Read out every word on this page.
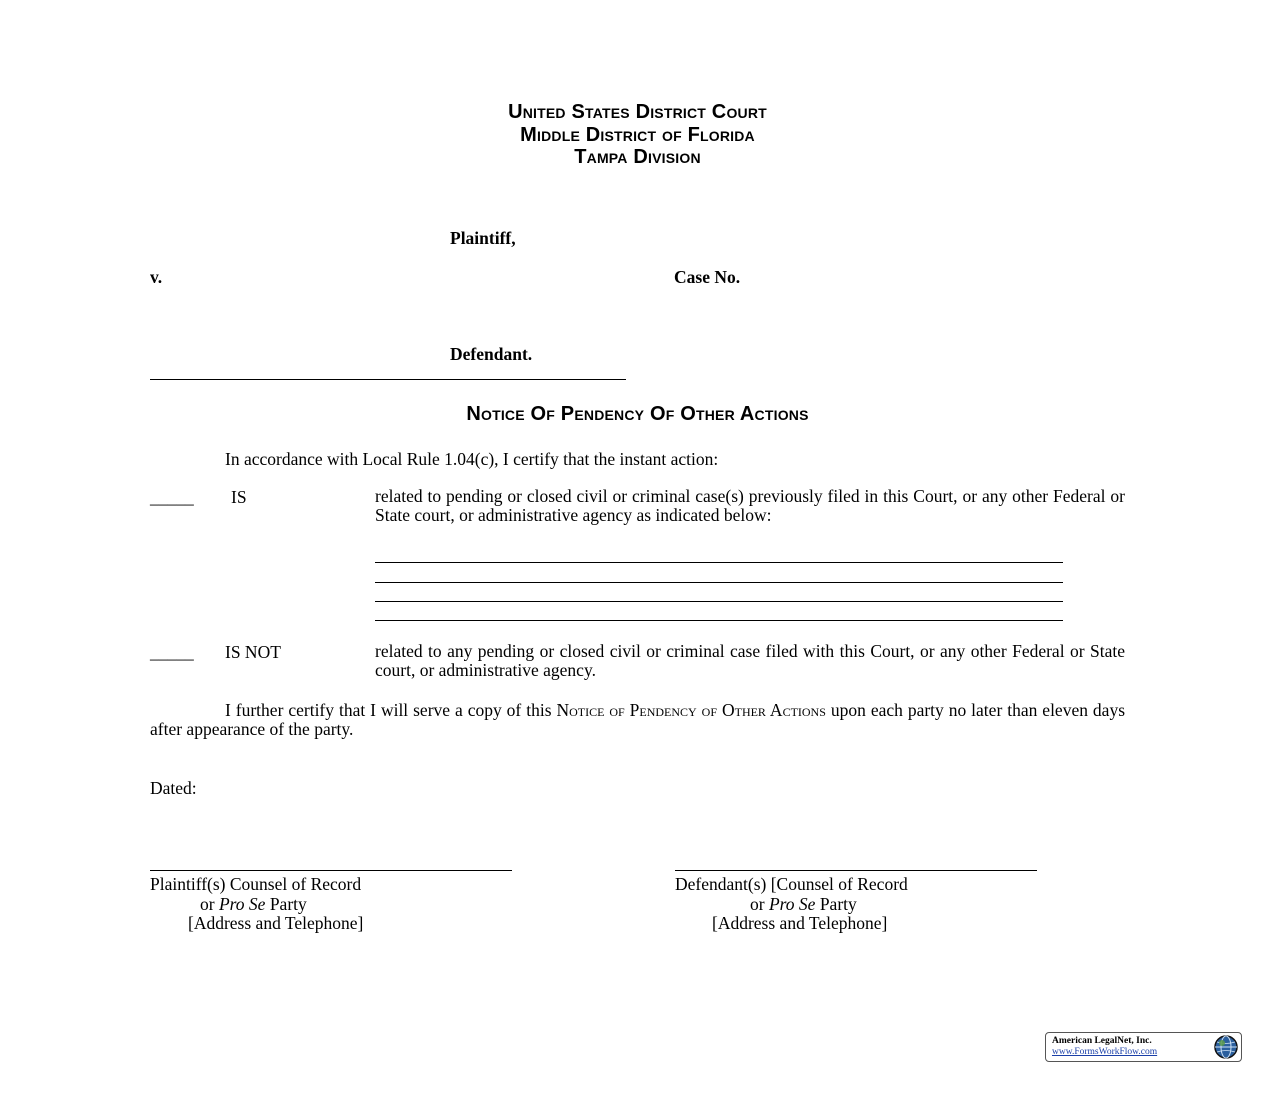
United States District Court
Middle District of Florida
Tampa Division
Plaintiff,
v.	Case No.
Defendant.
Notice Of Pendency Of Other Actions
In accordance with Local Rule 1.04(c), I certify that the instant action:
_____ IS	related to pending or closed civil or criminal case(s) previously filed in this Court, or any other Federal or State court, or administrative agency as indicated below:
_____ IS NOT	related to any pending or closed civil or criminal case filed with this Court, or any other Federal or State court, or administrative agency.
I further certify that I will serve a copy of this Notice of Pendency of Other Actions upon each party no later than eleven days after appearance of the party.
Dated:
Plaintiff(s) Counsel of Record
or Pro Se Party
[Address and Telephone]
Defendant(s) [Counsel of Record
or Pro Se Party
[Address and Telephone]
American LegalNet, Inc.
www.FormsWorkFlow.com
